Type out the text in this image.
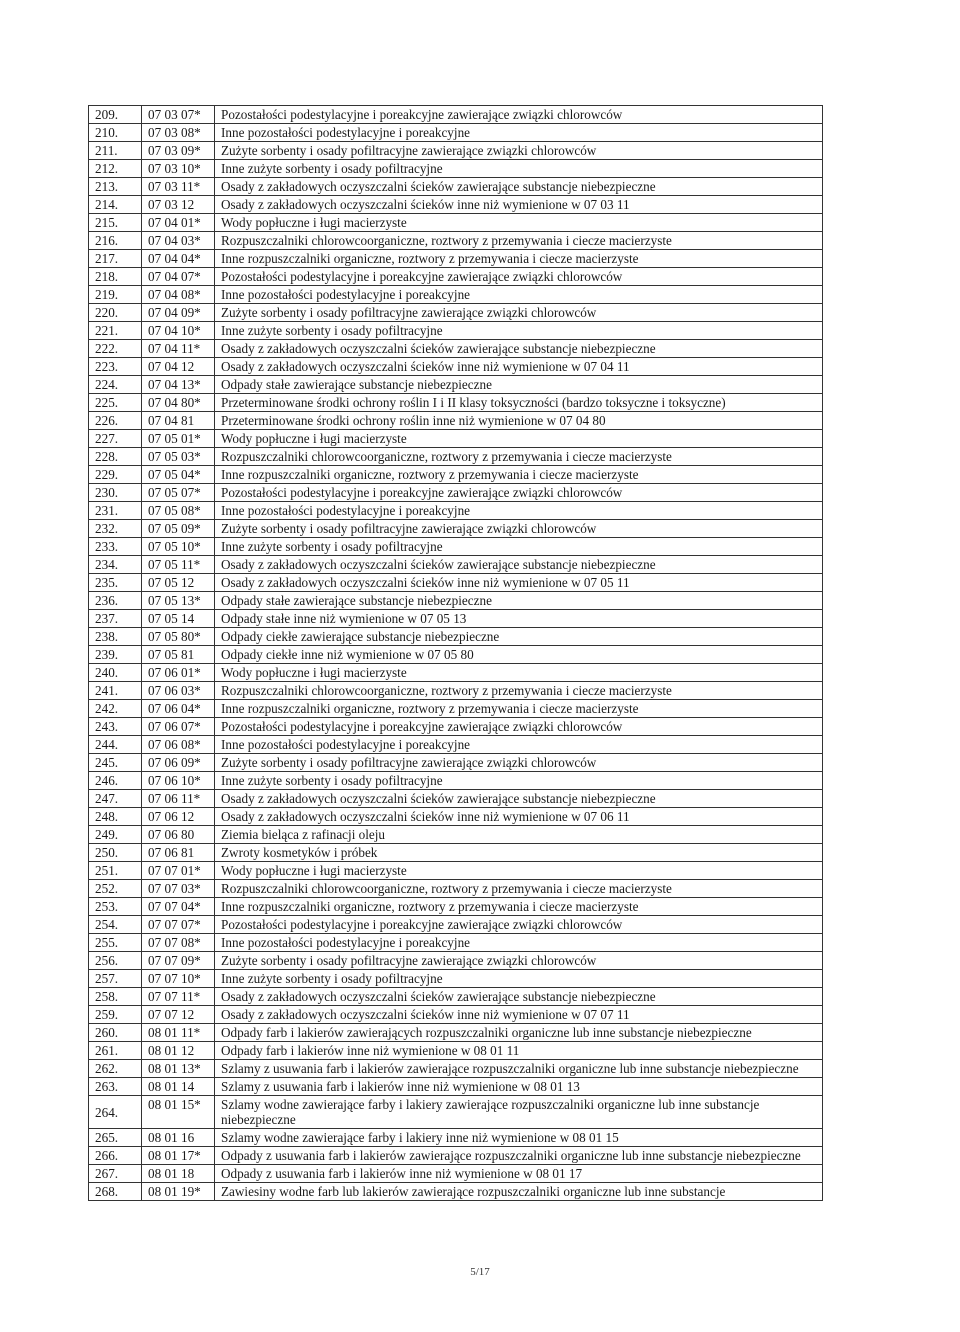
209.	07 03 07*	Pozostałości podestylacyjne i poreakcyjne zawierające związki chlorowców
210.	07 03 08*	Inne pozostałości podestylacyjne i poreakcyjne
211.	07 03 09*	Zużyte sorbenty i osady pofiltracyjne zawierające związki chlorowców
212.	07 03 10*	Inne zużyte sorbenty i osady pofiltracyjne
213.	07 03 11*	Osady z zakładowych oczyszczalni ścieków zawierające substancje niebezpieczne
214.	07 03 12	Osady z zakładowych oczyszczalni ścieków inne niż wymienione w 07 03 11
215.	07 04 01*	Wody popłuczne i ługi macierzyste
216.	07 04 03*	Rozpuszczalniki chlorowcoorganiczne, roztwory z przemywania i ciecze macierzyste
217.	07 04 04*	Inne rozpuszczalniki organiczne, roztwory z przemywania i ciecze macierzyste
218.	07 04 07*	Pozostałości podestylacyjne i poreakcyjne zawierające związki chlorowców
219.	07 04 08*	Inne pozostałości podestylacyjne i poreakcyjne
220.	07 04 09*	Zużyte sorbenty i osady pofiltracyjne zawierające związki chlorowców
221.	07 04 10*	Inne zużyte sorbenty i osady pofiltracyjne
222.	07 04 11*	Osady z zakładowych oczyszczalni ścieków zawierające substancje niebezpieczne
223.	07 04 12	Osady z zakładowych oczyszczalni ścieków inne niż wymienione w 07 04 11
224.	07 04 13*	Odpady stałe zawierające substancje niebezpieczne
225.	07 04 80*	Przeterminowane środki ochrony roślin I i II klasy toksyczności (bardzo toksyczne i toksyczne)
226.	07 04 81	Przeterminowane środki ochrony roślin inne niż wymienione w 07 04 80
227.	07 05 01*	Wody popłuczne i ługi macierzyste
228.	07 05 03*	Rozpuszczalniki chlorowcoorganiczne, roztwory z przemywania i ciecze macierzyste
229.	07 05 04*	Inne rozpuszczalniki organiczne, roztwory z przemywania i ciecze macierzyste
230.	07 05 07*	Pozostałości podestylacyjne i poreakcyjne zawierające związki chlorowców
231.	07 05 08*	Inne pozostałości podestylacyjne i poreakcyjne
232.	07 05 09*	Zużyte sorbenty i osady pofiltracyjne zawierające związki chlorowców
233.	07 05 10*	Inne zużyte sorbenty i osady pofiltracyjne
234.	07 05 11*	Osady z zakładowych oczyszczalni ścieków zawierające substancje niebezpieczne
235.	07 05 12	Osady z zakładowych oczyszczalni ścieków inne niż wymienione w 07 05 11
236.	07 05 13*	Odpady stałe zawierające substancje niebezpieczne
237.	07 05 14	Odpady stałe inne niż wymienione w 07 05 13
238.	07 05 80*	Odpady ciekłe zawierające substancje niebezpieczne
239.	07 05 81	Odpady ciekłe inne niż wymienione w 07 05 80
240.	07 06 01*	Wody popłuczne i ługi macierzyste
241.	07 06 03*	Rozpuszczalniki chlorowcoorganiczne, roztwory z przemywania i ciecze macierzyste
242.	07 06 04*	Inne rozpuszczalniki organiczne, roztwory z przemywania i ciecze macierzyste
243.	07 06 07*	Pozostałości podestylacyjne i poreakcyjne zawierające związki chlorowców
244.	07 06 08*	Inne pozostałości podestylacyjne i poreakcyjne
245.	07 06 09*	Zużyte sorbenty i osady pofiltracyjne zawierające związki chlorowców
246.	07 06 10*	Inne zużyte sorbenty i osady pofiltracyjne
247.	07 06 11*	Osady z zakładowych oczyszczalni ścieków zawierające substancje niebezpieczne
248.	07 06 12	Osady z zakładowych oczyszczalni ścieków inne niż wymienione w 07 06 11
249.	07 06 80	Ziemia bieląca z rafinacji oleju
250.	07 06 81	Zwroty kosmetyków i próbek
251.	07 07 01*	Wody popłuczne i ługi macierzyste
252.	07 07 03*	Rozpuszczalniki chlorowcoorganiczne, roztwory z przemywania i ciecze macierzyste
253.	07 07 04*	Inne rozpuszczalniki organiczne, roztwory z przemywania i ciecze macierzyste
254.	07 07 07*	Pozostałości podestylacyjne i poreakcyjne zawierające związki chlorowców
255.	07 07 08*	Inne pozostałości podestylacyjne i poreakcyjne
256.	07 07 09*	Zużyte sorbenty i osady pofiltracyjne zawierające związki chlorowców
257.	07 07 10*	Inne zużyte sorbenty i osady pofiltracyjne
258.	07 07 11*	Osady z zakładowych oczyszczalni ścieków zawierające substancje niebezpieczne
259.	07 07 12	Osady z zakładowych oczyszczalni ścieków inne niż wymienione w 07 07 11
260.	08 01 11*	Odpady farb i lakierów zawierających rozpuszczalniki organiczne lub inne substancje niebezpieczne
261.	08 01 12	Odpady farb i lakierów inne niż wymienione w 08 01 11
262.	08 01 13*	Szlamy z usuwania farb i lakierów zawierające rozpuszczalniki organiczne lub inne substancje niebezpieczne
263.	08 01 14	Szlamy z usuwania farb i lakierów inne niż wymienione w 08 01 13
264.	08 01 15*	Szlamy wodne zawierające farby i lakiery zawierające rozpuszczalniki organiczne lub inne substancje niebezpieczne
265.	08 01 16	Szlamy wodne zawierające farby i lakiery inne niż wymienione w 08 01 15
266.	08 01 17*	Odpady z usuwania farb i lakierów zawierające rozpuszczalniki organiczne lub inne substancje niebezpieczne
267.	08 01 18	Odpady z usuwania farb i lakierów inne niż wymienione w 08 01 17
268.	08 01 19*	Zawiesiny wodne farb lub lakierów zawierające rozpuszczalniki organiczne lub inne substancje
5/17
